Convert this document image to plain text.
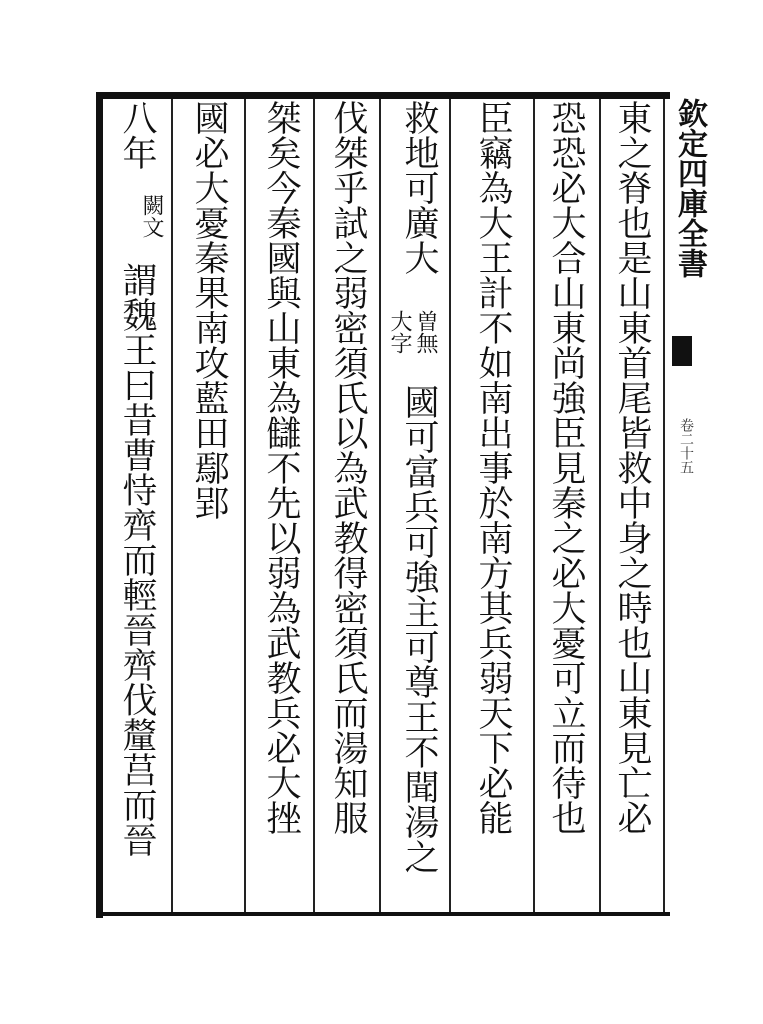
欽定四庫全書
卷二十五
東之脊也是山東首尾皆救中身之時也山東見亡必
恐恐必大合山東尚強臣見秦之必大憂可立而待也
臣竊為大王計不如南出事於南方其兵弱天下必能
救地可廣大
曽無大字
國可富兵可強主可尊王不聞湯之
伐桀乎試之弱密須氏以為武教得密須氏而湯知服
桀矣今秦國與山東為讎不先以弱為武教兵必大挫
國必大憂秦果南攻藍田鄢郢
八年
闕文
謂魏王曰昔曹恃齊而輕晉齊伐釐莒而晉
